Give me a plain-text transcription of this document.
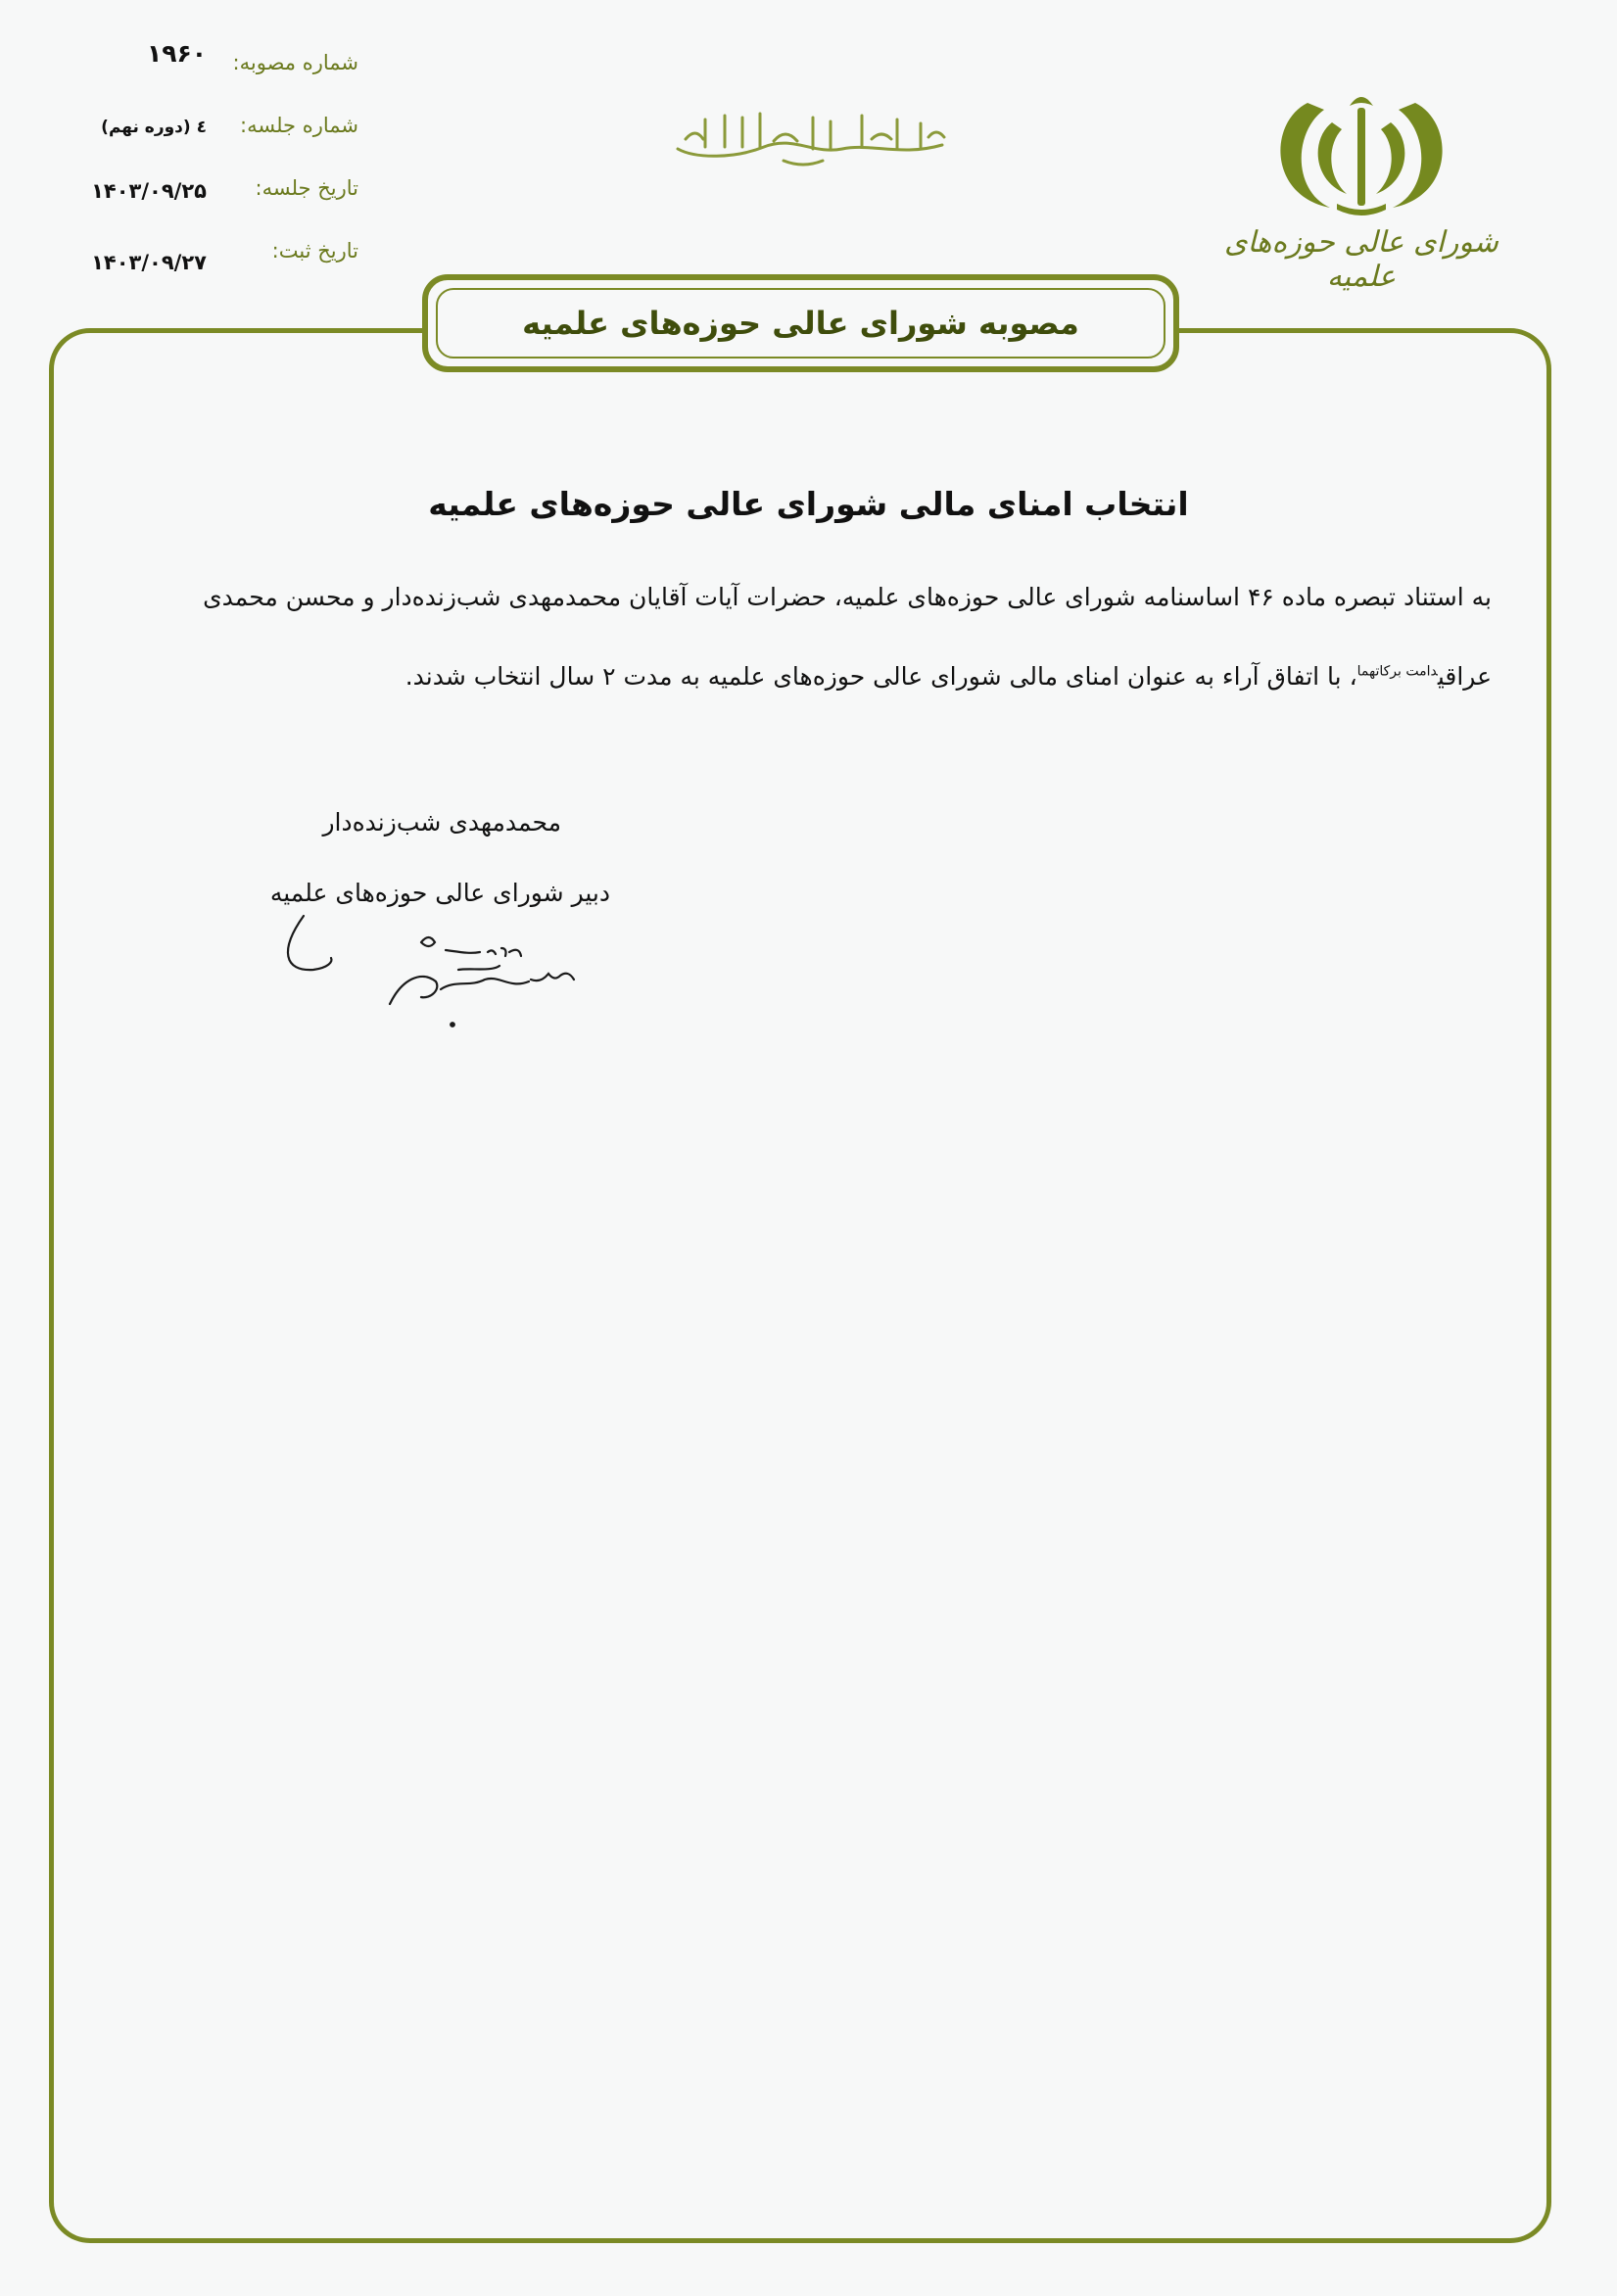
شماره مصوبه:
۱۹۶۰
شماره جلسه:
٤ (دوره نهم)
تاریخ جلسه:
۱۴۰۳/۰۹/۲۵
تاریخ ثبت:
۱۴۰۳/۰۹/۲۷
بسم الله الرحمن الرحیم
شورای عالی حوزه‌های علمیه
مصوبه شورای عالی حوزه‌های علمیه
انتخاب امنای مالی شورای عالی حوزه‌های علمیه
به استناد تبصره ماده ۴۶ اساسنامه شورای عالی حوزه‌های علمیه، حضرات آیات آقایان محمدمهدی شب‌زنده‌دار و محسن محمدی
عراقی$^{دامت برکاتهما}$، با اتفاق آراء به عنوان امنای مالی شورای عالی حوزه‌های علمیه به مدت ۲ سال انتخاب شدند.
محمدمهدی شب‌زنده‌دار
دبیر شورای عالی حوزه‌های علمیه
